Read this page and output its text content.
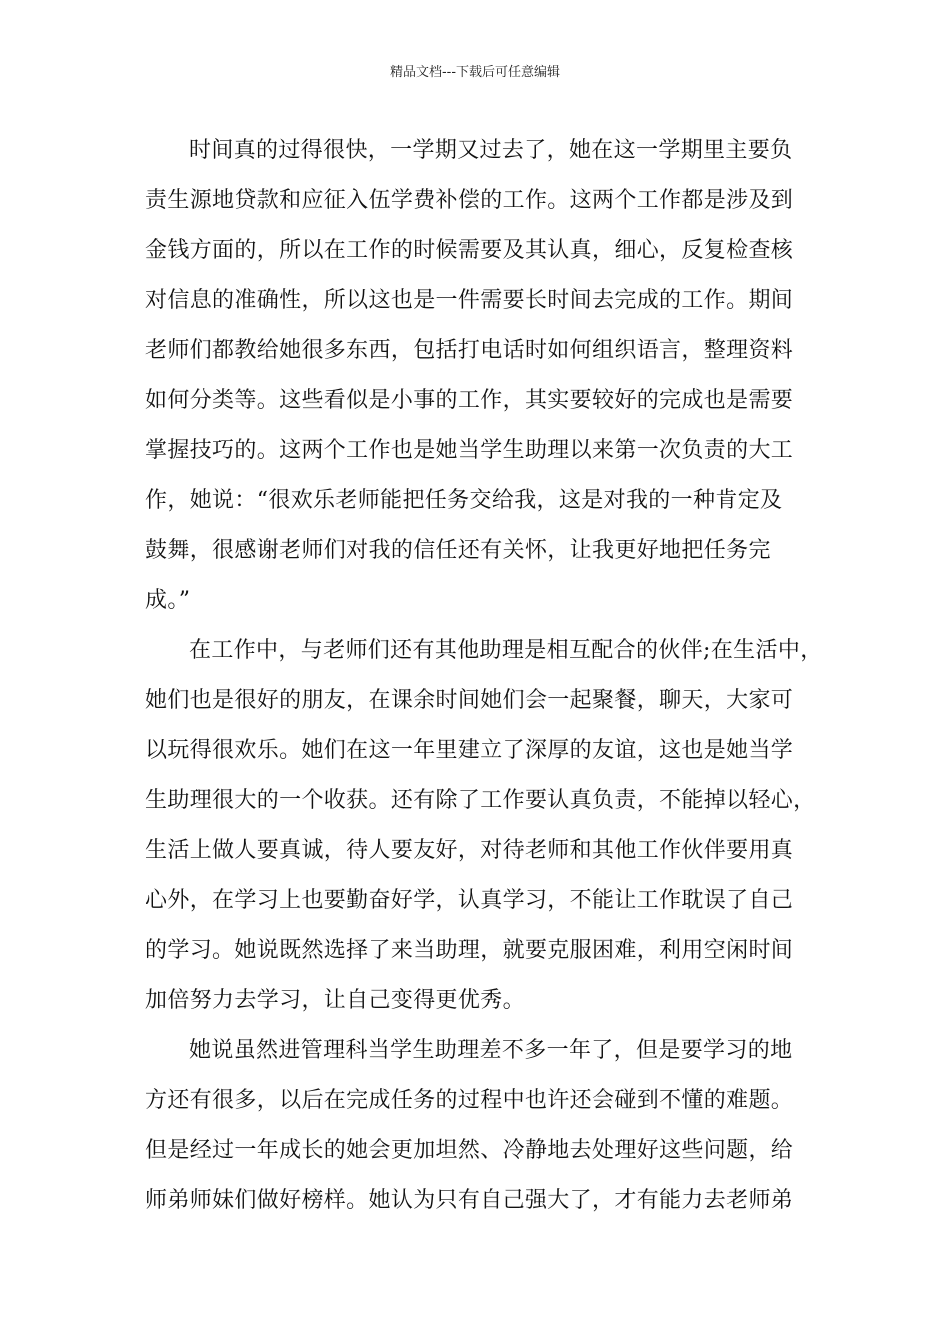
精品文档---下载后可任意编辑
时间真的过得很快，一学期又过去了，她在这一学期里主要负
责生源地贷款和应征入伍学费补偿的工作。这两个工作都是涉及到
金钱方面的，所以在工作的时候需要及其认真，细心，反复检查核
对信息的准确性，所以这也是一件需要长时间去完成的工作。期间
老师们都教给她很多东西，包括打电话时如何组织语言，整理资料
如何分类等。这些看似是小事的工作，其实要较好的完成也是需要
掌握技巧的。这两个工作也是她当学生助理以来第一次负责的大工
作，她说：“很欢乐老师能把任务交给我，这是对我的一种肯定及
鼓舞，很感谢老师们对我的信任还有关怀，让我更好地把任务完
成。”
在工作中，与老师们还有其他助理是相互配合的伙伴;在生活中，
她们也是很好的朋友，在课余时间她们会一起聚餐，聊天，大家可
以玩得很欢乐。她们在这一年里建立了深厚的友谊，这也是她当学
生助理很大的一个收获。还有除了工作要认真负责，不能掉以轻心，
生活上做人要真诚，待人要友好，对待老师和其他工作伙伴要用真
心外，在学习上也要勤奋好学，认真学习，不能让工作耽误了自己
的学习。她说既然选择了来当助理，就要克服困难，利用空闲时间
加倍努力去学习，让自己变得更优秀。
她说虽然进管理科当学生助理差不多一年了，但是要学习的地
方还有很多，以后在完成任务的过程中也许还会碰到不懂的难题。
但是经过一年成长的她会更加坦然、冷静地去处理好这些问题，给
师弟师妹们做好榜样。她认为只有自己强大了，才有能力去老师弟
